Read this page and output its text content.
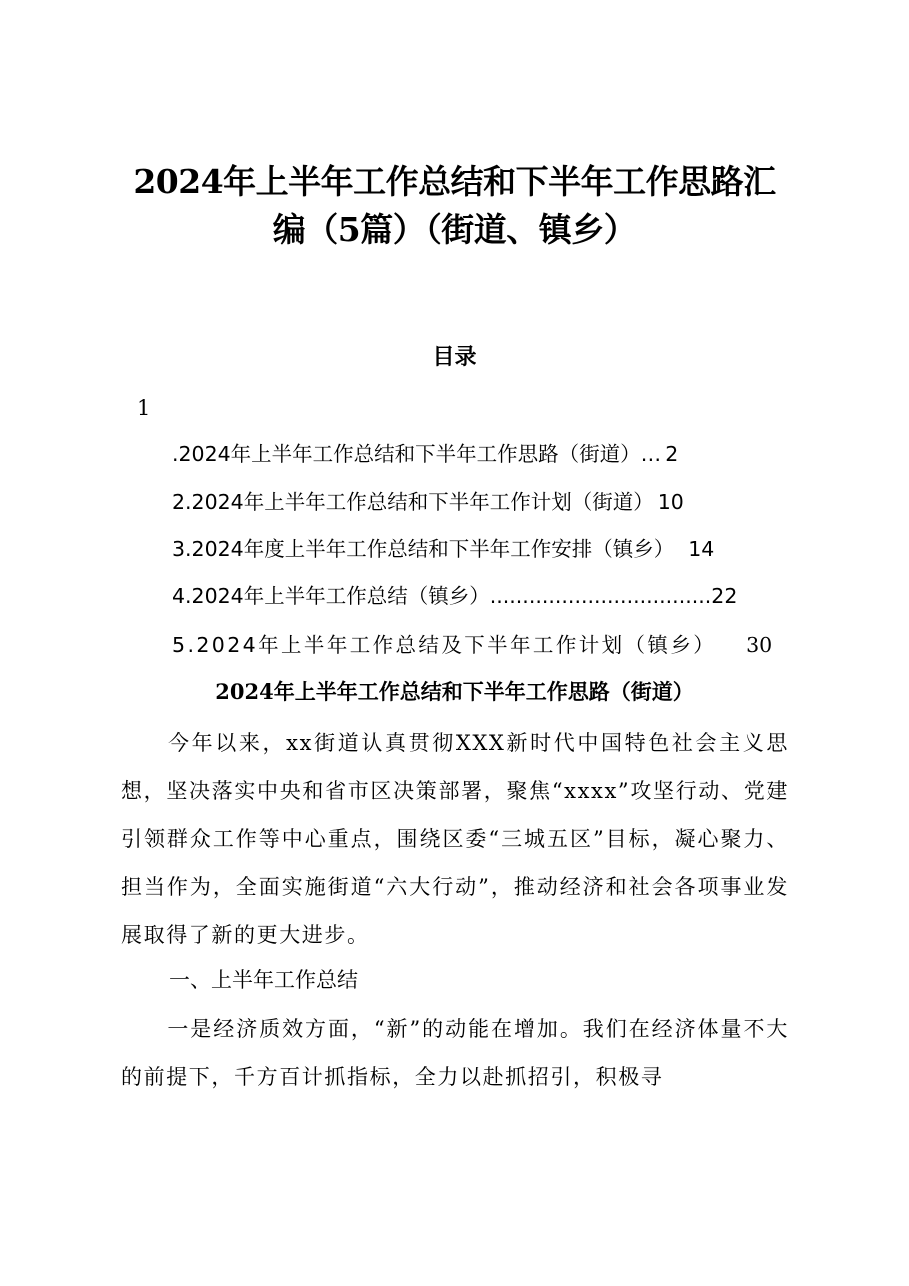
2024年上半年工作总结和下半年工作思路汇
编（5篇）（街道、镇乡）
目录
1
.2024年上半年工作总结和下半年工作思路（街道）… 2
2.2024年上半年工作总结和下半年工作计划（街道） 10
3.2024年度上半年工作总结和下半年工作安排（镇乡） 14
4.2024年上半年工作总结（镇乡）..................................22
5.2024年上半年工作总结及下半年工作计划（镇乡） 30
2024年上半年工作总结和下半年工作思路（街道）
今年以来，xx街道认真贯彻XXX新时代中国特色社会主义思想，坚决落实中央和省市区决策部署，聚焦“xxxx”攻坚行动、党建引领群众工作等中心重点，围绕区委“三城五区”目标，凝心聚力、担当作为，全面实施街道“六大行动”，推动经济和社会各项事业发展取得了新的更大进步。
一、上半年工作总结
一是经济质效方面，“新”的动能在增加。我们在经济体量不大的前提下，千方百计抓指标，全力以赴抓招引，积极寻
